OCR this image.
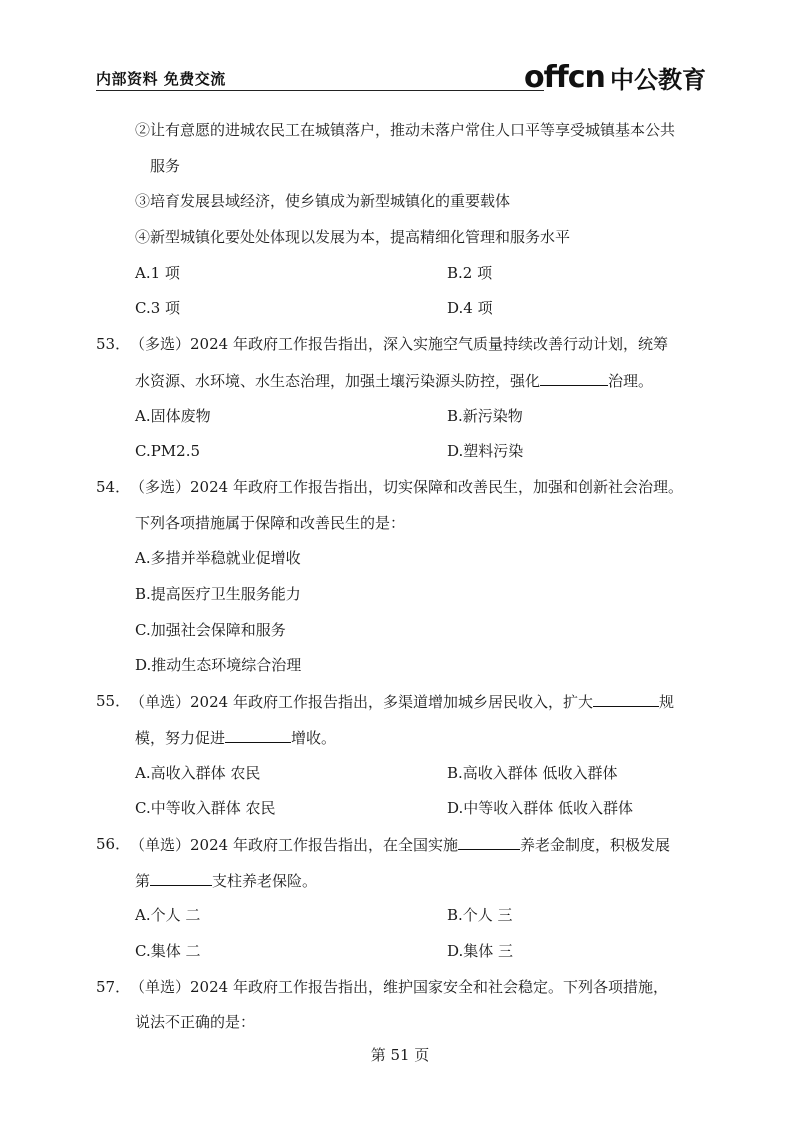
内部资料 免费交流	offcn 中公教育
②让有意愿的进城农民工在城镇落户，推动未落户常住人口平等享受城镇基本公共
服务
③培育发展县域经济，使乡镇成为新型城镇化的重要载体
④新型城镇化要处处体现以发展为本，提高精细化管理和服务水平
A.1 项	B.2 项
C.3 项	D.4 项
53． （多选）2024 年政府工作报告指出，深入实施空气质量持续改善行动计划，统筹
水资源、水环境、水生态治理，加强土壤污染源头防控，强化	治理。
A.固体废物	B.新污染物
C.PM2.5	D.塑料污染
54． （多选）2024 年政府工作报告指出，切实保障和改善民生，加强和创新社会治理。
下列各项措施属于保障和改善民生的是：
A.多措并举稳就业促增收
B.提高医疗卫生服务能力
C.加强社会保障和服务
D.推动生态环境综合治理
55． （单选）2024 年政府工作报告指出，多渠道增加城乡居民收入，扩大	规
模，努力促进	增收。
A.高收入群体 农民	B.高收入群体 低收入群体
C.中等收入群体 农民	D.中等收入群体 低收入群体
56． （单选）2024 年政府工作报告指出，在全国实施	养老金制度，积极发展
第	支柱养老保险。
A.个人 二	B.个人 三
C.集体 二	D.集体 三
57． （单选）2024 年政府工作报告指出，维护国家安全和社会稳定。下列各项措施，
说法不正确的是：
第 51 页
